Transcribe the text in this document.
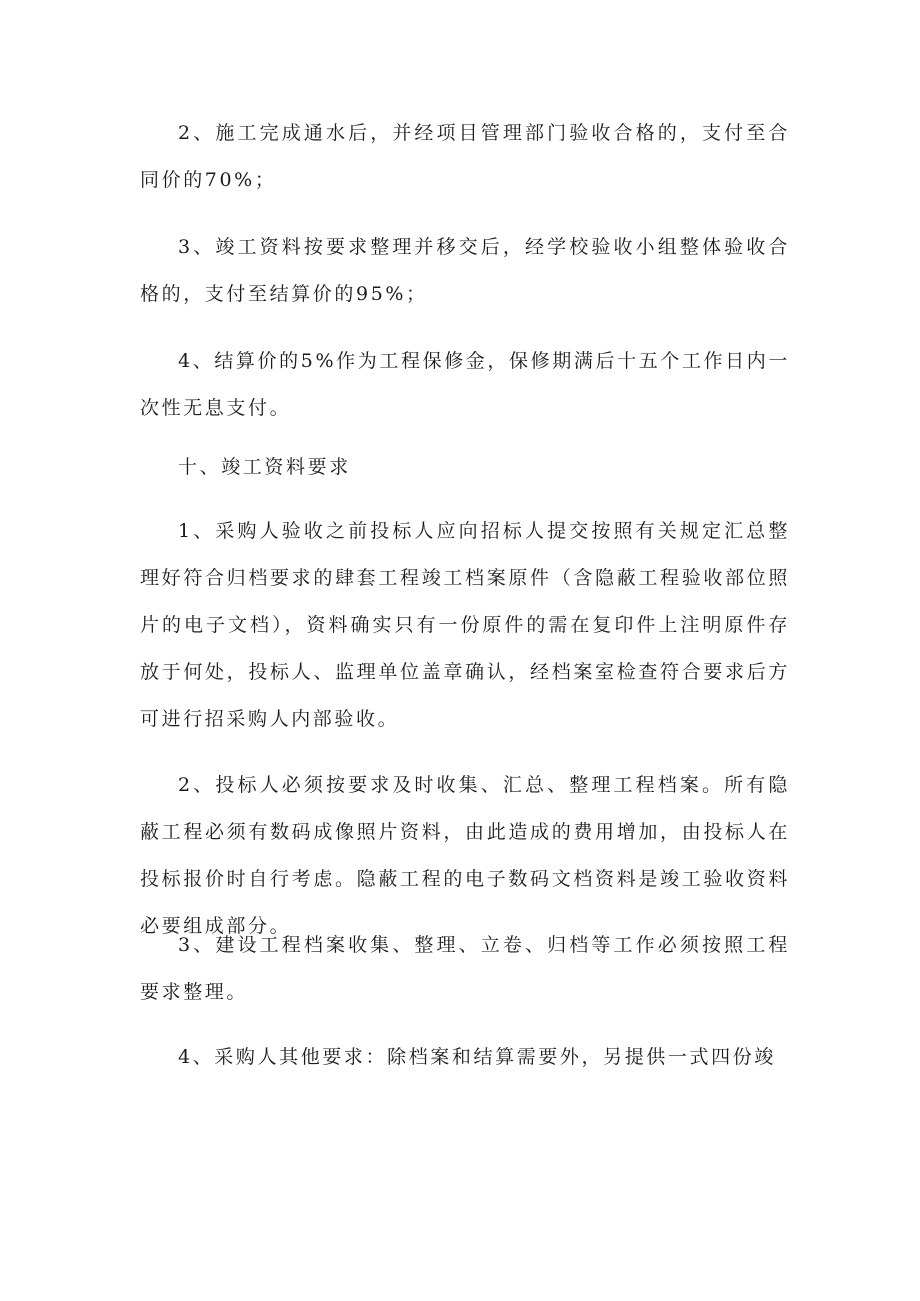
2、施工完成通水后，并经项目管理部门验收合格的，支付至合同价的70%；

3、竣工资料按要求整理并移交后，经学校验收小组整体验收合格的，支付至结算价的95%；

4、结算价的5%作为工程保修金，保修期满后十五个工作日内一次性无息支付。

十、竣工资料要求

1、采购人验收之前投标人应向招标人提交按照有关规定汇总整理好符合归档要求的肆套工程竣工档案原件（含隐蔽工程验收部位照片的电子文档），资料确实只有一份原件的需在复印件上注明原件存放于何处，投标人、监理单位盖章确认，经档案室检查符合要求后方可进行招采购人内部验收。

2、投标人必须按要求及时收集、汇总、整理工程档案。所有隐蔽工程必须有数码成像照片资料，由此造成的费用增加，由投标人在投标报价时自行考虑。隐蔽工程的电子数码文档资料是竣工验收资料必要组成部分。

3、建设工程档案收集、整理、立卷、归档等工作必须按照工程要求整理。

4、采购人其他要求：除档案和结算需要外，另提供一式四份竣
